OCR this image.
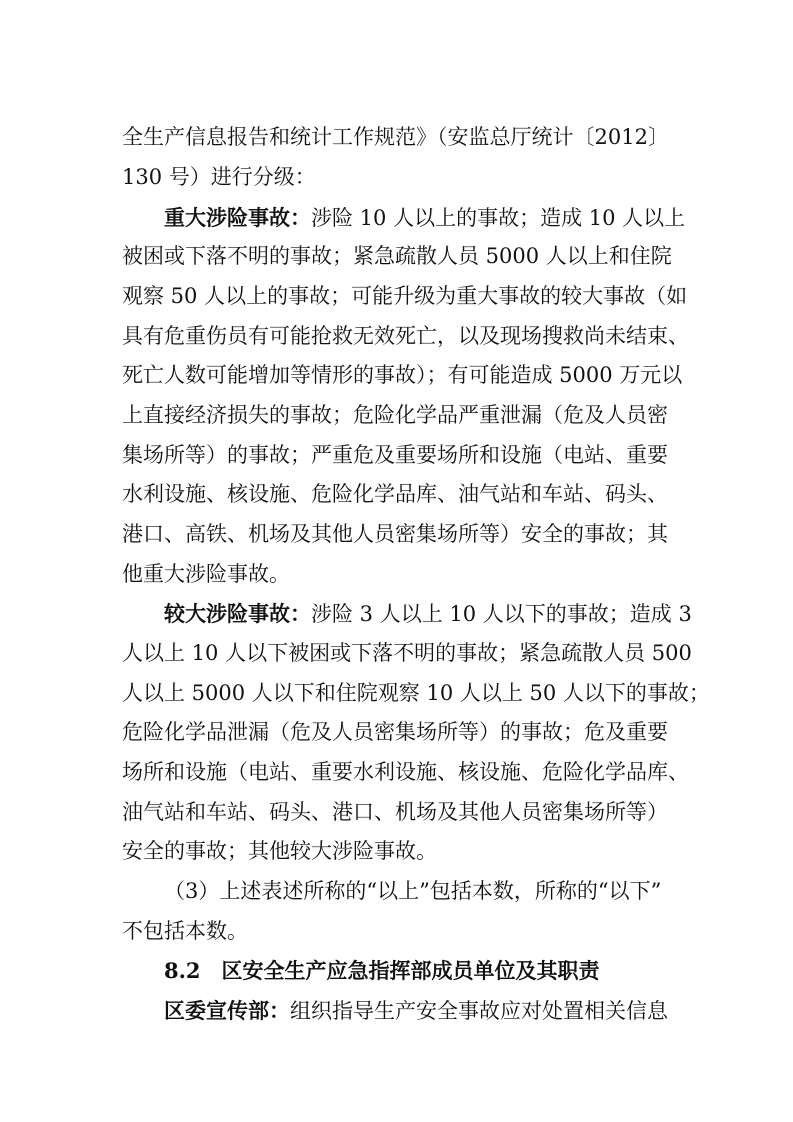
全生产信息报告和统计工作规范》（安监总厅统计〔2012〕
130 号）进行分级：
重大涉险事故：涉险 10 人以上的事故；造成 10 人以上
被困或下落不明的事故；紧急疏散人员 5000 人以上和住院
观察 50 人以上的事故；可能升级为重大事故的较大事故（如
具有危重伤员有可能抢救无效死亡，以及现场搜救尚未结束、
死亡人数可能增加等情形的事故）；有可能造成 5000 万元以
上直接经济损失的事故；危险化学品严重泄漏（危及人员密
集场所等）的事故；严重危及重要场所和设施（电站、重要
水利设施、核设施、危险化学品库、油气站和车站、码头、
港口、高铁、机场及其他人员密集场所等）安全的事故；其
他重大涉险事故。
较大涉险事故：涉险 3 人以上 10 人以下的事故；造成 3
人以上 10 人以下被困或下落不明的事故；紧急疏散人员 500
人以上 5000 人以下和住院观察 10 人以上 50 人以下的事故；
危险化学品泄漏（危及人员密集场所等）的事故；危及重要
场所和设施（电站、重要水利设施、核设施、危险化学品库、
油气站和车站、码头、港口、机场及其他人员密集场所等）
安全的事故；其他较大涉险事故。
（3）上述表述所称的“以上”包括本数，所称的“以下”
不包括本数。
8.2　区安全生产应急指挥部成员单位及其职责
区委宣传部：组织指导生产安全事故应对处置相关信息
